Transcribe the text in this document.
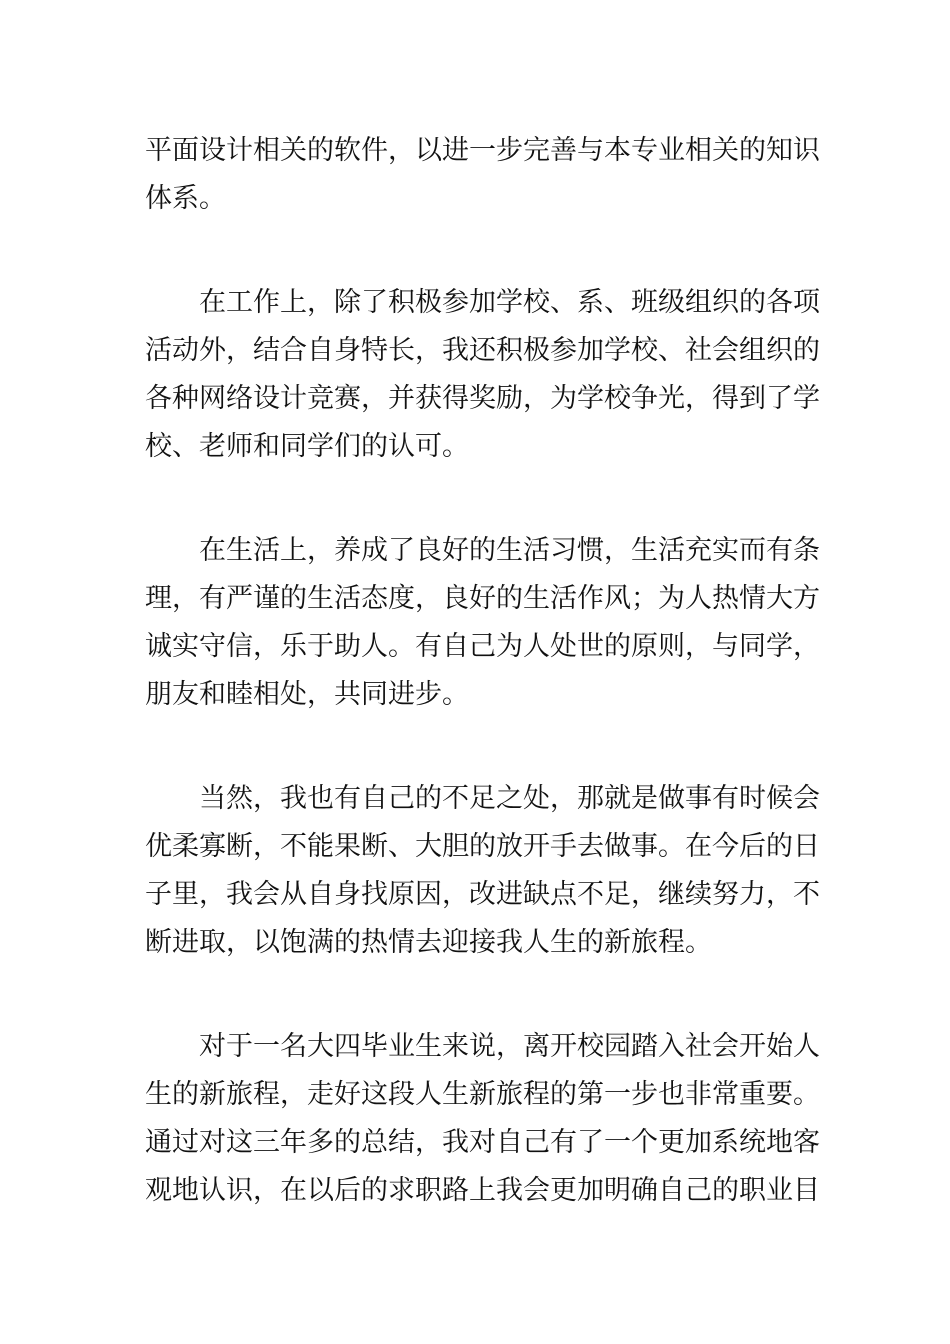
平面设计相关的软件，以进一步完善与本专业相关的知识
体系。
在工作上，除了积极参加学校、系、班级组织的各项
活动外，结合自身特长，我还积极参加学校、社会组织的
各种网络设计竞赛，并获得奖励，为学校争光，得到了学
校、老师和同学们的认可。
在生活上，养成了良好的生活习惯，生活充实而有条
理，有严谨的生活态度，良好的生活作风；为人热情大方
诚实守信，乐于助人。有自己为人处世的原则，与同学，
朋友和睦相处，共同进步。
当然，我也有自己的不足之处，那就是做事有时候会
优柔寡断，不能果断、大胆的放开手去做事。在今后的日
子里，我会从自身找原因，改进缺点不足，继续努力，不
断进取，以饱满的热情去迎接我人生的新旅程。
对于一名大四毕业生来说，离开校园踏入社会开始人
生的新旅程，走好这段人生新旅程的第一步也非常重要。
通过对这三年多的总结，我对自己有了一个更加系统地客
观地认识，在以后的求职路上我会更加明确自己的职业目
